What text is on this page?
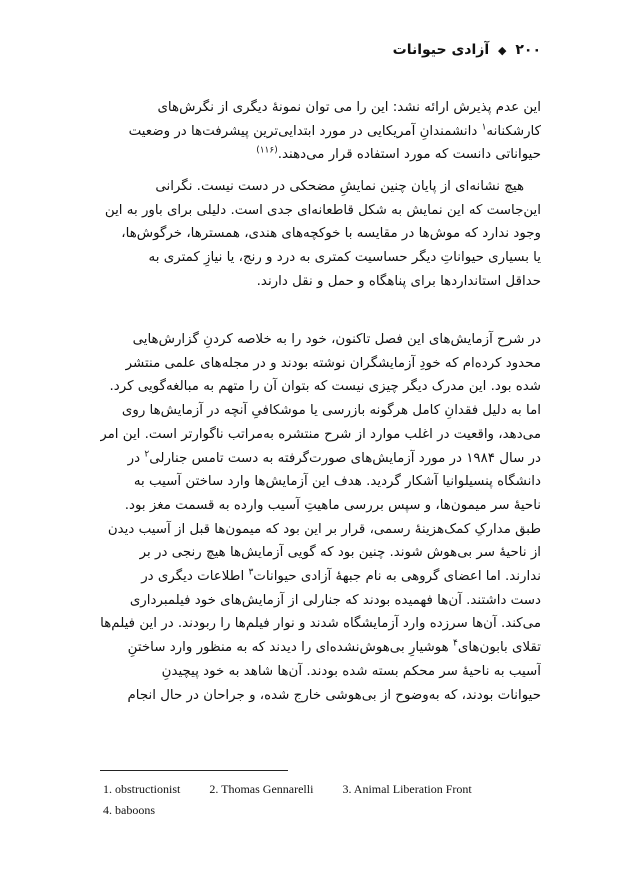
۲۰۰ ◆ آزادی حیوانات
این عدم پذیرش ارائه نشد: این را می توان نمونهٔ دیگری از نگرش‌های
کارشکنانه$^۱$ دانشمندانِ آمریکایی در مورد ابتدایی‌ترین پیشرفت‌ها در وضعیت
حیواناتی دانست که مورد استفاده قرار می‌دهند.$^{(۱۱۶)}$
هیچ نشانه‌ای از پایان چنین نمایشِ مضحکی در دست نیست. نگرانی
این‌جاست که این نمایش به شکل قاطعانه‌ای جدی است. دلیلی برای باور به این
وجود ندارد که موش‌ها در مقایسه با خوکچه‌های هندی، همسترها، خرگوش‌ها،
یا بسیاری حیواناتِ دیگر حساسیت کمتری به درد و رنج، یا نیازِ کمتری به
حداقل استانداردها برای پناهگاه و حمل و نقل دارند.
در شرح آزمایش‌های این فصل تاکنون، خود را به خلاصه کردنِ گزارش‌هایی
محدود کرده‌ام که خودِ آزمایشگران نوشته بودند و در مجله‌های علمی منتشر
شده بود. این مدرک دیگر چیزی نیست که بتوان آن را متهم به مبالغه‌گویی کرد.
اما به دلیل فقدانِ کامل هرگونه بازرسی یا موشکافیِ آنچه در آزمایش‌ها روی
می‌دهد، واقعیت در اغلب موارد از شرح منتشره به‌مراتب ناگوارتر است. این امر
در سال ۱۹۸۴ در مورد آزمایش‌های صورت‌گرفته به دست تامس جنارلی$^۲$ در
دانشگاه پنسیلوانیا آشکار گردید. هدف این آزمایش‌ها وارد ساختن آسیب به
ناحیهٔ سر میمون‌ها، و سپس بررسی ماهیتِ آسیب وارده به قسمت مغز بود.
طبق مدارکِ کمک‌هزینهٔ رسمی، قرار بر این بود که میمون‌ها قبل از آسیب دیدن
از ناحیهٔ سر بی‌هوش شوند. چنین بود که گویی آزمایش‌ها هیچ رنجی در بر
ندارند. اما اعضای گروهی به نام جبههٔ آزادی حیوانات$^۳$ اطلاعات دیگری در
دست داشتند. آن‌ها فهمیده بودند که جنارلی از آزمایش‌های خود فیلمبرداری
می‌کند. آن‌ها سرزده وارد آزمایشگاه شدند و نوار فیلم‌ها را ربودند. در این فیلم‌ها
تقلای بابون‌های$^۴$ هوشیارِ بی‌هوش‌نشده‌ای را دیدند که به منظور وارد ساختنِ
آسیب به ناحیهٔ سر محکم بسته شده بودند. آن‌ها شاهد به خود پیچیدنِ
حیوانات بودند، که به‌وضوح از بی‌هوشی خارج شده، و جراحان در حال انجام
1. obstructionist 2. Thomas Gennarelli 3. Animal Liberation Front
4. baboons
